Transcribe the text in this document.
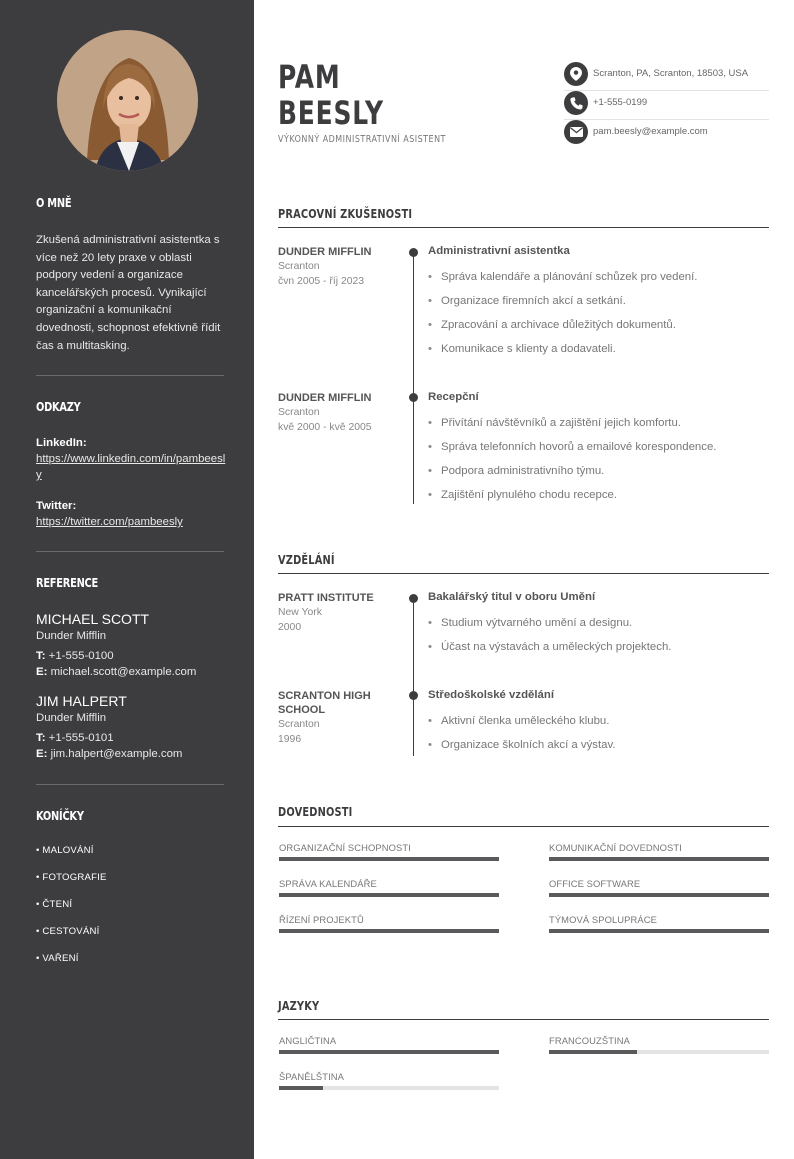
O MNĚ
Zkušená administrativní asistentka s více než 20 lety praxe v oblasti podpory vedení a organizace kancelářských procesů. Vynikající organizační a komunikační dovednosti, schopnost efektivně řídit čas a multitasking.
ODKAZY
LinkedIn:
https://www.linkedin.com/in/pambeesly
Twitter:
https://twitter.com/pambeesly
REFERENCE
MICHAEL SCOTT
Dunder Mifflin
T: +1-555-0100
E: michael.scott@example.com
JIM HALPERT
Dunder Mifflin
T: +1-555-0101
E: jim.halpert@example.com
KONÍČKY
• MALOVÁNÍ
• FOTOGRAFIE
• ČTENÍ
• CESTOVÁNÍ
• VAŘENÍ
PAM
BEESLY
VÝKONNÝ ADMINISTRATIVNÍ ASISTENT
Scranton, PA, Scranton, 18503, USA
+1-555-0199
pam.beesly@example.com
PRACOVNÍ ZKUŠENOSTI
DUNDER MIFFLIN
Scranton
čvn 2005 - říj 2023
Administrativní asistentka
• Správa kalendáře a plánování schůzek pro vedení.
• Organizace firemních akcí a setkání.
• Zpracování a archivace důležitých dokumentů.
• Komunikace s klienty a dodavateli.
DUNDER MIFFLIN
Scranton
kvě 2000 - kvě 2005
Recepční
• Přivítání návštěvníků a zajištění jejich komfortu.
• Správa telefonních hovorů a emailové korespondence.
• Podpora administrativního týmu.
• Zajištění plynulého chodu recepce.
VZDĚLÁNÍ
PRATT INSTITUTE
New York
2000
Bakalářský titul v oboru Umění
• Studium výtvarného umění a designu.
• Účast na výstavách a uměleckých projektech.
SCRANTON HIGH SCHOOL
Scranton
1996
Středoškolské vzdělání
• Aktivní členka uměleckého klubu.
• Organizace školních akcí a výstav.
DOVEDNOSTI
ORGANIZAČNÍ SCHOPNOSTI	KOMUNIKAČNÍ DOVEDNOSTI
SPRÁVA KALENDÁŘE	OFFICE SOFTWARE
ŘÍZENÍ PROJEKTŮ	TÝMOVÁ SPOLUPRÁCE
JAZYKY
ANGLIČTINA	FRANCOUZŠTINA
ŠPANĚLŠTINA
